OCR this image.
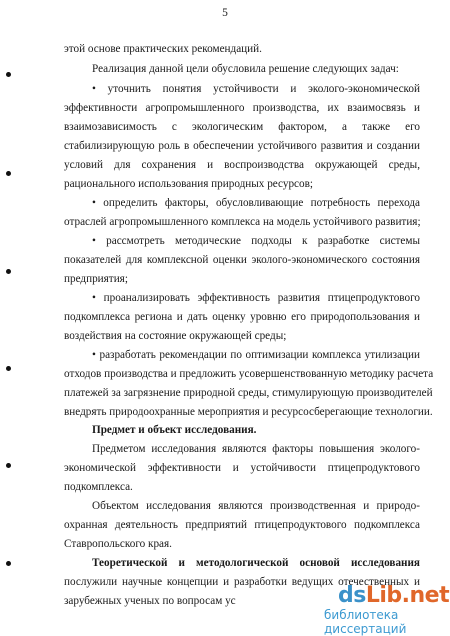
5
этой основе практических рекомендаций.
Реализация данной цели обусловила решение следующих задач:
• уточнить понятия устойчивости и эколого-экономической
эффективности агропромышленного производства, их взаимосвязь и
взаимозависимость с экологическим фактором, а также его
стабилизирующую роль в обеспечении устойчивого развития и создании
условий для сохранения и воспроизводства окружающей среды,
рационального использования природных ресурсов;
• определить факторы, обусловливающие потребность перехода
отраслей агропромышленного комплекса на модель устойчивого развития;
• рассмотреть методические подходы к разработке системы
показателей для комплексной оценки эколого-экономического состояния
предприятия;
• проанализировать эффективность развития птицепродуктового
подкомплекса региона и дать оценку уровню его природопользования и
воздействия на состояние окружающей среды;
• разработать рекомендации по оптимизации комплекса утилизации
отходов производства и предложить усовершенствованную методику расчета
платежей за загрязнение природной среды, стимулирующую производителей
внедрять природоохранные мероприятия и ресурсосберегающие технологии.
Предмет и объект исследования.
Предметом исследования являются факторы повышения эколого-
экономической эффективности и устойчивости птицепродуктового
подкомплекса.
Объектом исследования являются производственная и природо-
охранная деятельность предприятий птицепродуктового подкомплекса
Ставропольского края.
Теоретической и методологической основой исследования
послужили научные концепции и разработки ведущих отечественных и
зарубежных ученых по вопросам ус	dsLib.net
библиотека диссертаций
